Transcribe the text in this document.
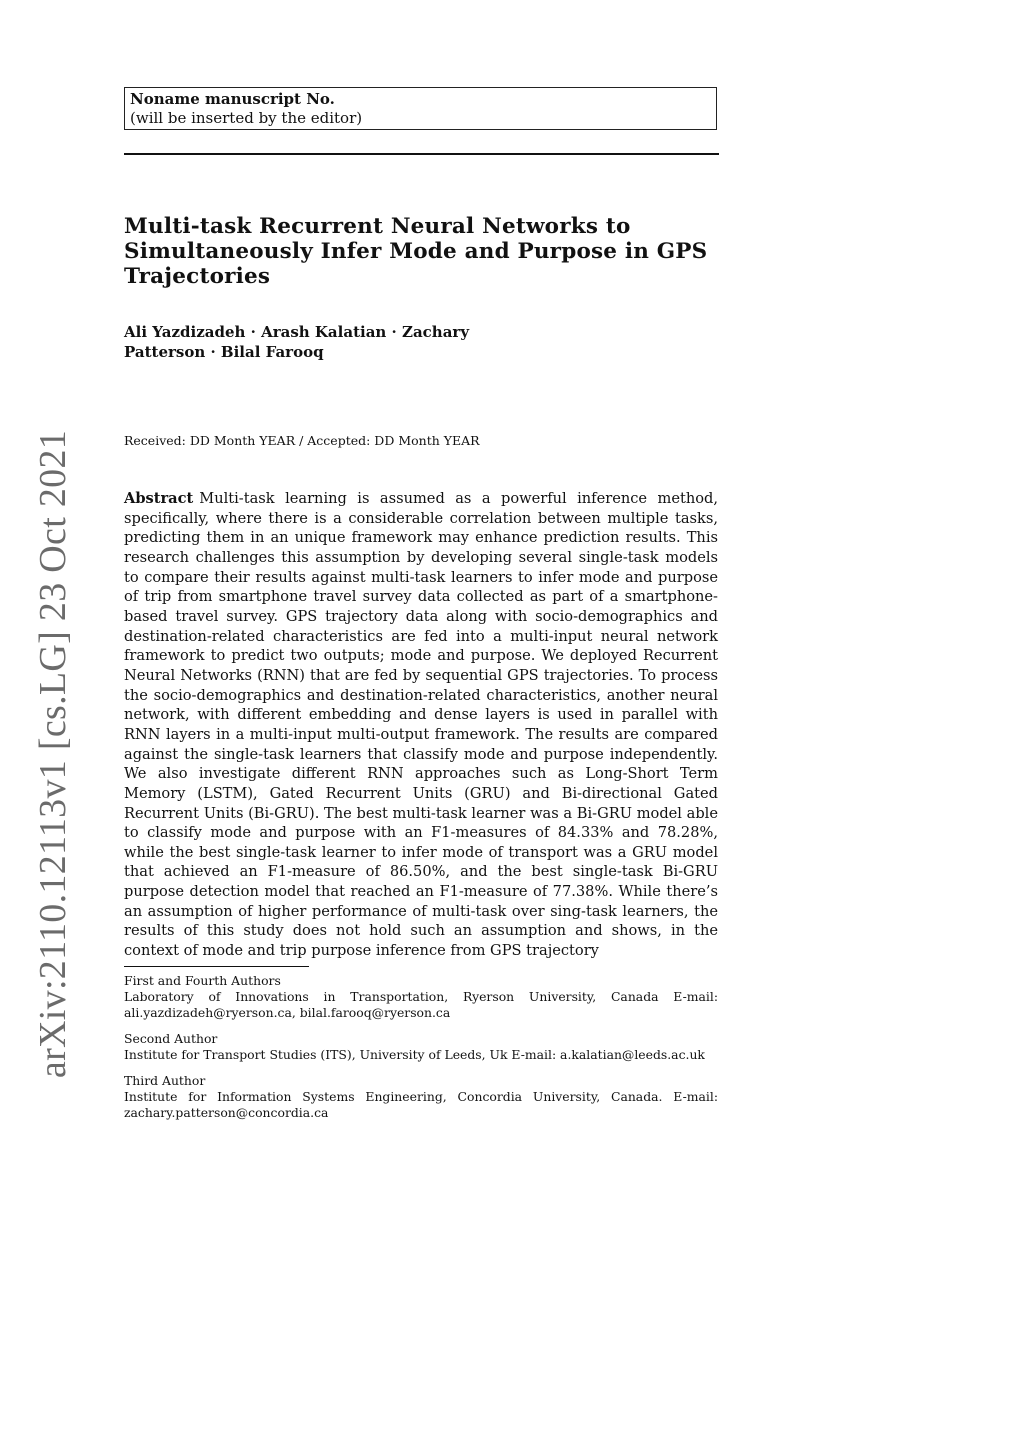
arXiv:2110.12113v1 [cs.LG] 23 Oct 2021
Noname manuscript No.
(will be inserted by the editor)
Multi-task Recurrent Neural Networks to
Simultaneously Infer Mode and Purpose in GPS
Trajectories
Ali Yazdizadeh · Arash Kalatian · Zachary
Patterson · Bilal Farooq
Received: DD Month YEAR / Accepted: DD Month YEAR

Abstract Multi-task learning is assumed as a powerful inference method, specifically, where there is a considerable correlation between multiple tasks, predicting them in an unique framework may enhance prediction results. This research challenges this assumption by developing several single-task models to compare their results against multi-task learners to infer mode and purpose of trip from smartphone travel survey data collected as part of a smartphone-based travel survey. GPS trajectory data along with socio-demographics and destination-related characteristics are fed into a multi-input neural network framework to predict two outputs; mode and purpose. We deployed Recurrent Neural Networks (RNN) that are fed by sequential GPS trajectories. To process the socio-demographics and destination-related characteristics, another neural network, with different embedding and dense layers is used in parallel with RNN layers in a multi-input multi-output framework. The results are compared against the single-task learners that classify mode and purpose independently. We also investigate different RNN approaches such as Long-Short Term Memory (LSTM), Gated Recurrent Units (GRU) and Bi-directional Gated Recurrent Units (Bi-GRU). The best multi-task learner was a Bi-GRU model able to classify mode and purpose with an F1-measures of 84.33% and 78.28%, while the best single-task learner to infer mode of transport was a GRU model that achieved an F1-measure of 86.50%, and the best single-task Bi-GRU purpose detection model that reached an F1-measure of 77.38%. While there’s an assumption of higher performance of multi-task over sing-task learners, the results of this study does not hold such an assumption and shows, in the context of mode and trip purpose inference from GPS trajectory

First and Fourth Authors
Laboratory of Innovations in Transportation, Ryerson University, Canada E-mail: ali.yazdizadeh@ryerson.ca, bilal.farooq@ryerson.ca
Second Author
Institute for Transport Studies (ITS), University of Leeds, Uk E-mail: a.kalatian@leeds.ac.uk
Third Author
Institute for Information Systems Engineering, Concordia University, Canada. E-mail: zachary.patterson@concordia.ca
